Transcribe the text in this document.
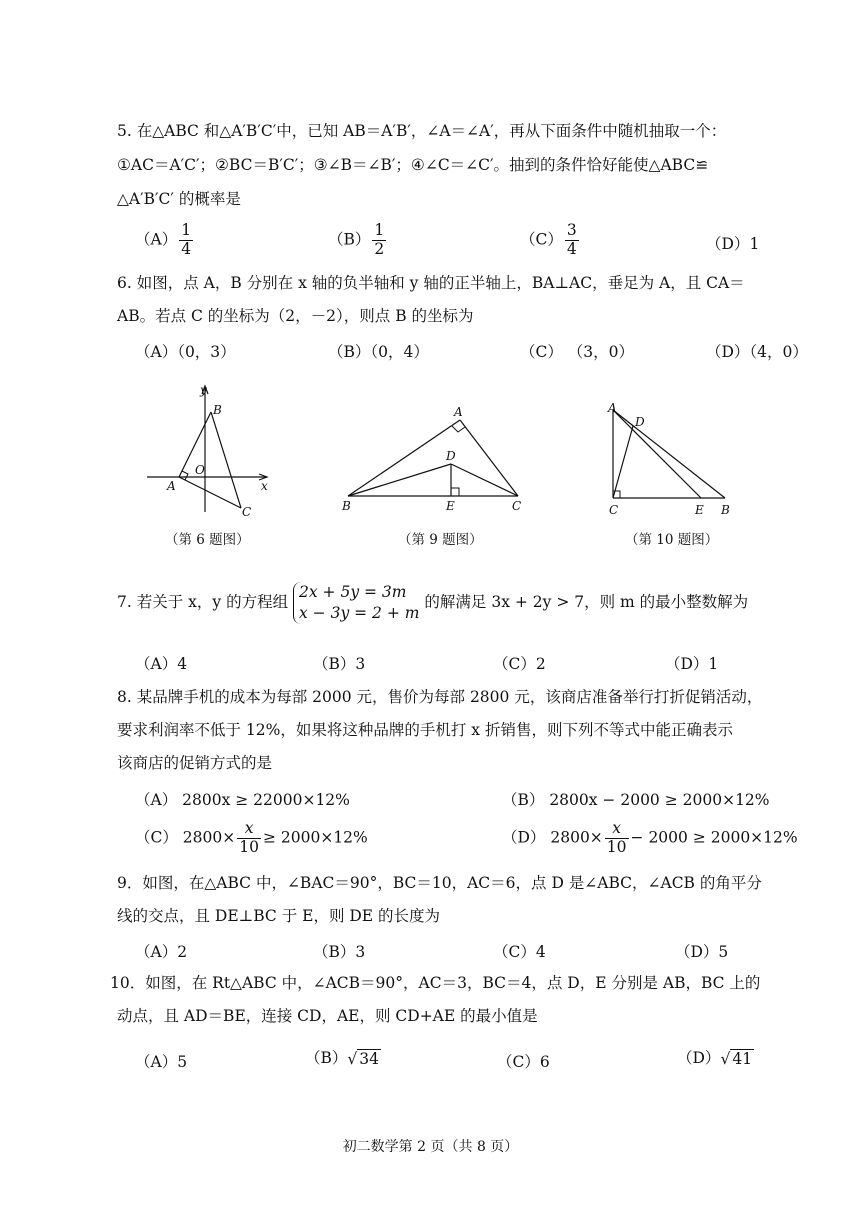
5. 在△ABC 和△A′B′C′中，已知 AB＝A′B′，∠A＝∠A′，再从下面条件中随机抽取一个：
①AC＝A′C′；②BC＝B′C′；③∠B＝∠B′；④∠C＝∠C′。抽到的条件恰好能使△ABC≌
△A′B′C′ 的概率是
$(A) \frac{1}{4}$	$(B) \frac{1}{2}$	$(C) \frac{3}{4}$	（D）1
6. 如图，点 A，B 分别在 x 轴的负半轴和 y 轴的正半轴上，BA⊥AC，垂足为 A，且 CA＝
AB。若点 C 的坐标为（2，－2），则点 B 的坐标为
（A）（0，3）	（B）（0，4）	（C） （3，0）	（D）（4，0）
y
B
O
A	x
C
（第 6 题图）
A
D
B	E	C
（第 9 题图）
A
D
C	E B
（第 10 题图）
7. 若关于 x，y 的方程组
2x + 5y = 3m
x − 3y = 2 + m
的解满足 3x + 2y > 7，则 m 的最小整数解为
（A）4	（B）3	（C）2	（D）1
8. 某品牌手机的成本为每部 2000 元，售价为每部 2800 元，该商店准备举行打折促销活动，
要求利润率不低于 12%，如果将这种品牌的手机打 x 折销售，则下列不等式中能正确表示
该商店的促销方式的是
（A） 2800x ≥ 22000×12%	（B） 2800x − 2000 ≥ 2000×12%
（C） $2800\times \frac{x}{10} \ge 2000\times 12\%$	（D） $2800\times \frac{x}{10} - 2000 \ge 2000\times 12\%$
9．如图，在△ABC 中，∠BAC＝90°，BC＝10，AC＝6，点 D 是∠ABC，∠ACB 的角平分
线的交点，且 DE⊥BC 于 E，则 DE 的长度为
（A）2	（B）3	（C）4	（D）5
10．如图，在 Rt△ABC 中，∠ACB＝90°，AC＝3，BC＝4，点 D，E 分别是 AB，BC 上的
动点，且 AD＝BE，连接 CD，AE，则 CD+AE 的最小值是
（A）5	（B）√ 34	（C）6	（D）√ 41
初二数学第 2 页（共 8 页）
